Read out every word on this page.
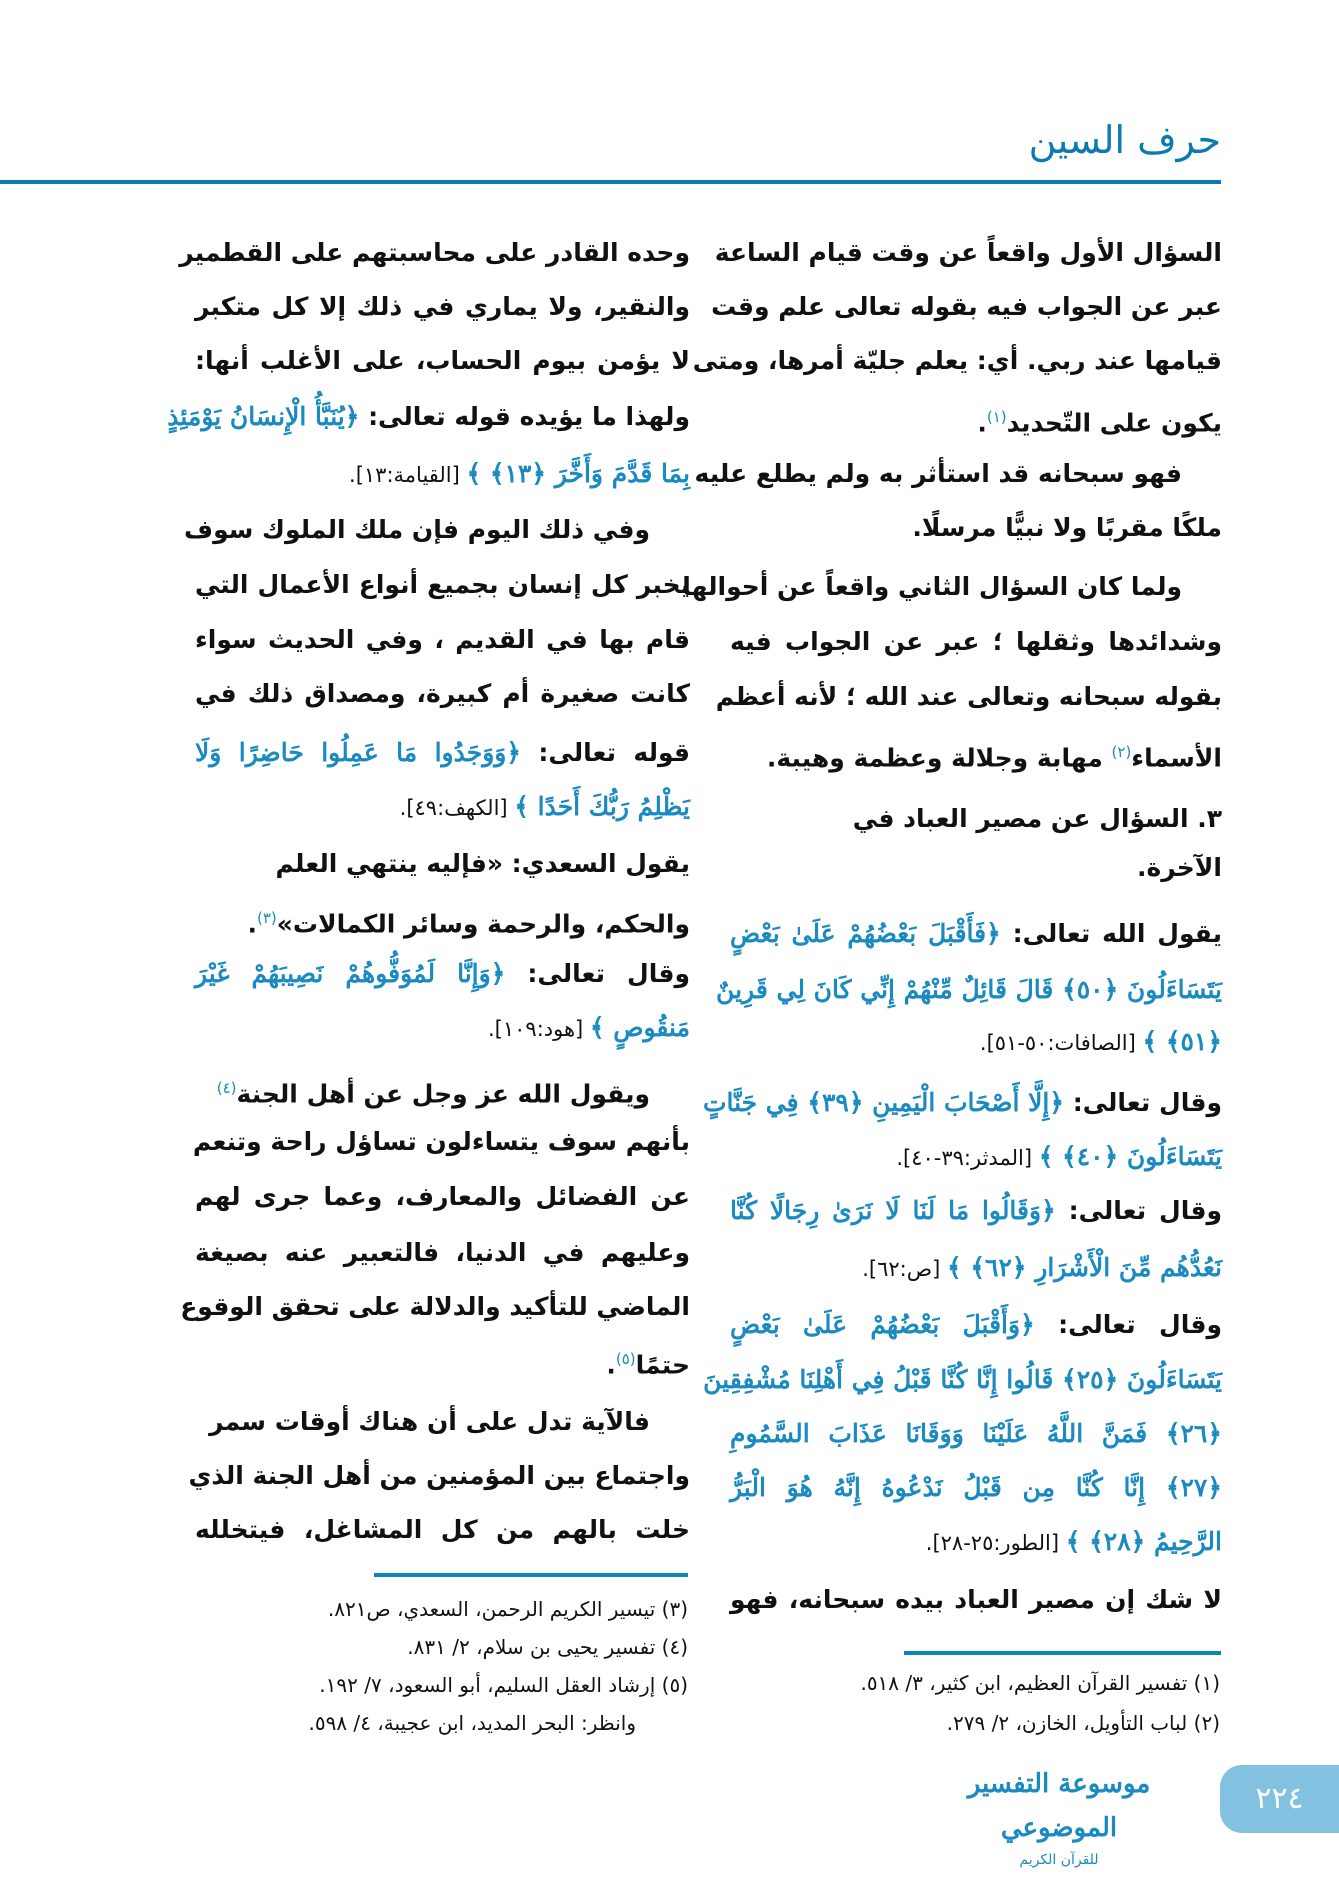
حرف السين
السؤال الأول واقعاً عن وقت قيام الساعة
عبر عن الجواب فيه بقوله تعالى علم وقت
قيامها عند ربي. أي: يعلم جليّة أمرها، ومتى
يكون على التّحديد$^{(١)}$.
فهو سبحانه قد استأثر به ولم يطلع عليه
ملكًا مقربًا ولا نبيًّا مرسلًا.
ولما كان السؤال الثاني واقعاً عن أحوالها
وشدائدها وثقلها ؛ عبر عن الجواب فيه
بقوله سبحانه وتعالى عند الله ؛ لأنه أعظم
الأسماء$^{(٢)}$ مهابة وجلالة وعظمة وهيبة.
٣. السؤال عن مصير العباد في
الآخرة.
يقول الله تعالى: ﴿فَأَقْبَلَ بَعْضُهُمْ عَلَىٰ بَعْضٍ
يَتَسَاءَلُونَ ﴿٥٠﴾ قَالَ قَائِلٌ مِّنْهُمْ إِنِّي كَانَ لِي قَرِينٌ
﴿٥١﴾ ﴾ [الصافات:٥٠-٥١].
وقال تعالى: ﴿إِلَّا أَصْحَابَ الْيَمِينِ ﴿٣٩﴾ فِي جَنَّاتٍ
يَتَسَاءَلُونَ ﴿٤٠﴾ ﴾ [المدثر:٣٩-٤٠].
وقال تعالى: ﴿وَقَالُوا مَا لَنَا لَا نَرَىٰ رِجَالًا كُنَّا
نَعُدُّهُم مِّنَ الْأَشْرَارِ ﴿٦٢﴾ ﴾ [ص:٦٢].
وقال تعالى: ﴿وَأَقْبَلَ بَعْضُهُمْ عَلَىٰ بَعْضٍ
يَتَسَاءَلُونَ ﴿٢٥﴾ قَالُوا إِنَّا كُنَّا قَبْلُ فِي أَهْلِنَا مُشْفِقِينَ
﴿٢٦﴾ فَمَنَّ اللَّهُ عَلَيْنَا وَوَقَانَا عَذَابَ السَّمُومِ
﴿٢٧﴾ إِنَّا كُنَّا مِن قَبْلُ نَدْعُوهُ إِنَّهُ هُوَ الْبَرُّ
الرَّحِيمُ ﴿٢٨﴾ ﴾ [الطور:٢٥-٢٨].
لا شك إن مصير العباد بيده سبحانه، فهو
وحده القادر على محاسبتهم على القطمير
والنقير، ولا يماري في ذلك إلا كل متكبر
لا يؤمن بيوم الحساب، على الأغلب أنها:
ولهذا ما يؤيده قوله تعالى: ﴿يُنَبَّأُ الْإِنسَانُ يَوْمَئِذٍ
بِمَا قَدَّمَ وَأَخَّرَ ﴿١٣﴾ ﴾ [القيامة:١٣].
وفي ذلك اليوم فإن ملك الملوك سوف
يخبر كل إنسان بجميع أنواع الأعمال التي
قام بها في القديم ، وفي الحديث سواء
كانت صغيرة أم كبيرة، ومصداق ذلك في
قوله تعالى: ﴿وَوَجَدُوا مَا عَمِلُوا حَاضِرًا وَلَا
يَظْلِمُ رَبُّكَ أَحَدًا ﴾ [الكهف:٤٩].
يقول السعدي: «فإليه ينتهي العلم
والحكم، والرحمة وسائر الكمالات»$^{(٣)}$.
وقال تعالى: ﴿وَإِنَّا لَمُوَفُّوهُمْ نَصِيبَهُمْ غَيْرَ
مَنقُوصٍ ﴾ [هود:١٠٩].
ويقول الله عز وجل عن أهل الجنة$^{(٤)}$
بأنهم سوف يتساءلون تساؤل راحة وتنعم
عن الفضائل والمعارف، وعما جرى لهم
وعليهم في الدنيا، فالتعبير عنه بصيغة
الماضي للتأكيد والدلالة على تحقق الوقوع
حتمًا$^{(٥)}$.
فالآية تدل على أن هناك أوقات سمر
واجتماع بين المؤمنين من أهل الجنة الذي
خلت بالهم من كل المشاغل، فيتخلله
(١) تفسير القرآن العظيم، ابن كثير، ٣/ ٥١٨.
(٢) لباب التأويل، الخازن، ٢/ ٢٧٩.
(٣) تيسير الكريم الرحمن، السعدي، ص٨٢١.
(٤) تفسير يحيى بن سلام، ٢/ ٨٣١.
(٥) إرشاد العقل السليم، أبو السعود، ٧/ ١٩٢.
وانظر: البحر المديد، ابن عجيبة، ٤/ ٥٩٨.
موسوعة التفسير الموضوعي
للقرآن الكريم
٢٢٤
